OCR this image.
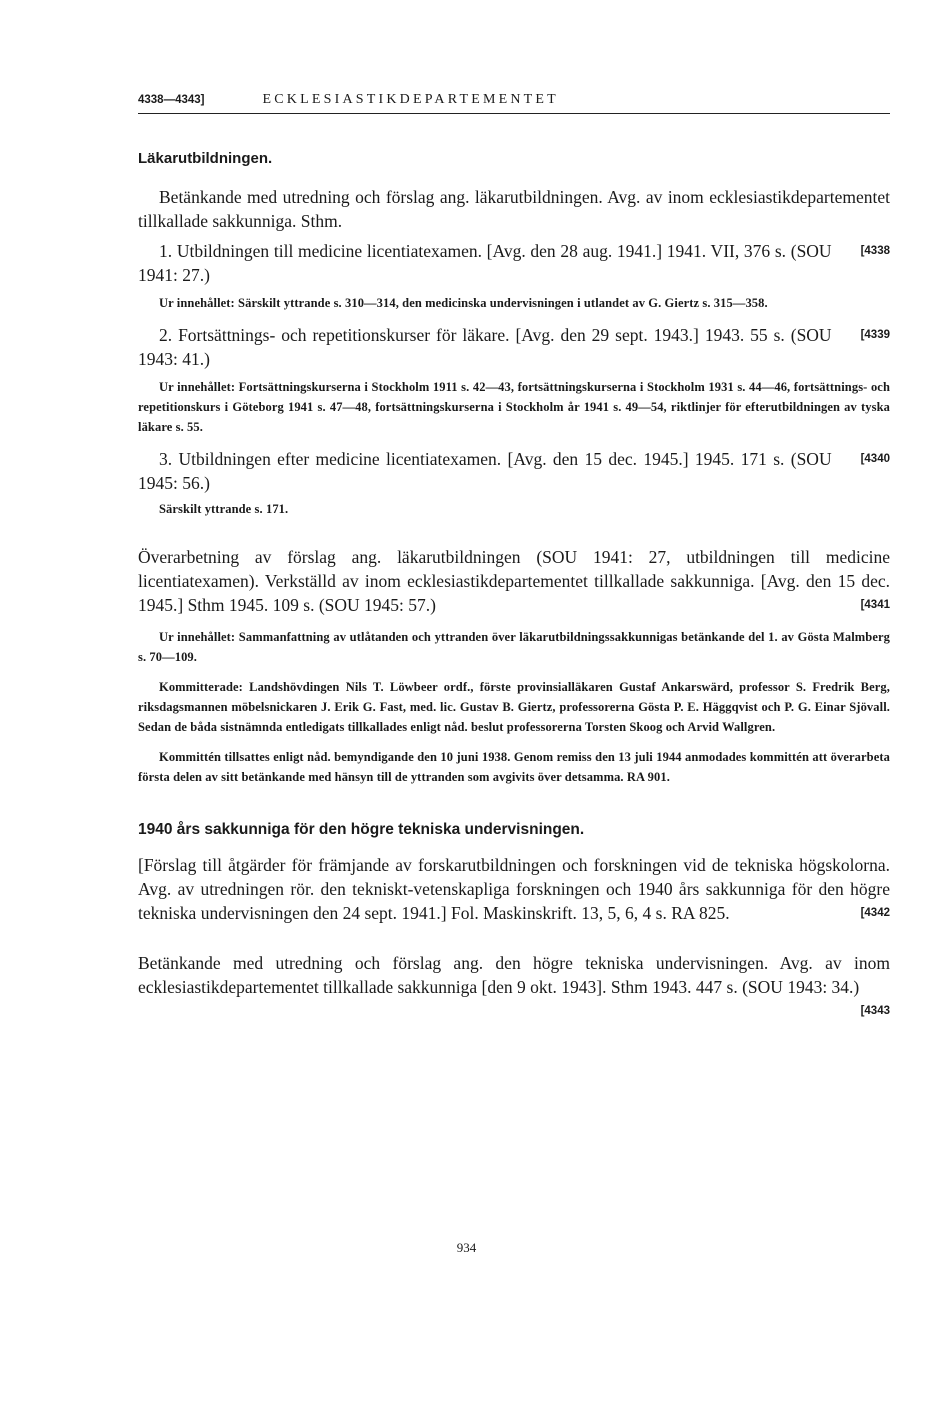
4338—4343]	ECKLESIASTIKDEPARTEMENTET
Läkarutbildningen.

Betänkande med utredning och förslag ang. läkarutbildningen. Avg. av inom ecklesiastikdepartementet tillkallade sakkunniga. Sthm.

[4338
1. Utbildningen till medicine licentiatexamen. [Avg. den 28 aug. 1941.] 1941. VII, 376 s. (SOU 1941: 27.)

Ur innehållet: Särskilt yttrande s. 310—314, den medicinska undervisningen i utlandet av G. Giertz s. 315—358.

[4339
2. Fortsättnings- och repetitionskurser för läkare. [Avg. den 29 sept. 1943.] 1943. 55 s. (SOU 1943: 41.)

Ur innehållet: Fortsättningskurserna i Stockholm 1911 s. 42—43, fortsättningskurserna i Stockholm 1931 s. 44—46, fortsättnings- och repetitionskurs i Göteborg 1941 s. 47—48, fortsättningskurserna i Stockholm år 1941 s. 49—54, riktlinjer för efterutbildningen av tyska läkare s. 55.

[4340
3. Utbildningen efter medicine licentiatexamen. [Avg. den 15 dec. 1945.] 1945. 171 s. (SOU 1945: 56.)

Särskilt yttrande s. 171.

Överarbetning av förslag ang. läkarutbildningen (SOU 1941: 27, utbildningen till medicine licentiatexamen). Verkställd av inom ecklesiastikdepartementet tillkallade sakkunniga. [Avg. den 15 dec. 1945.] Sthm 1945. 109 s. (SOU 1945: 57.)	[4341

Ur innehållet: Sammanfattning av utlåtanden och yttranden över läkarutbildningssakkunnigas betänkande del 1. av Gösta Malmberg s. 70—109.

Kommitterade: Landshövdingen Nils T. Löwbeer ordf., förste provinsialläkaren Gustaf Ankarswärd, professor S. Fredrik Berg, riksdagsmannen möbelsnickaren J. Erik G. Fast, med. lic. Gustav B. Giertz, professorerna Gösta P. E. Häggqvist och P. G. Einar Sjövall. Sedan de båda sistnämnda entledigats tillkallades enligt nåd. beslut professorerna Torsten Skoog och Arvid Wallgren.

Kommittén tillsattes enligt nåd. bemyndigande den 10 juni 1938. Genom remiss den 13 juli 1944 anmodades kommittén att överarbeta första delen av sitt betänkande med hänsyn till de yttranden som avgivits över detsamma. RA 901.

1940 års sakkunniga för den högre tekniska undervisningen.

[Förslag till åtgärder för främjande av forskarutbildningen och forskningen vid de tekniska högskolorna. Avg. av utredningen rör. den tekniskt-vetenskapliga forskningen och 1940 års sakkunniga för den högre tekniska undervisningen den 24 sept. 1941.] Fol. Maskinskrift. 13, 5, 6, 4 s. RA 825.	[4342

Betänkande med utredning och förslag ang. den högre tekniska undervisningen. Avg. av inom ecklesiastikdepartementet tillkallade sakkunniga [den 9 okt. 1943]. Sthm 1943. 447 s. (SOU 1943: 34.)
[4343

934
